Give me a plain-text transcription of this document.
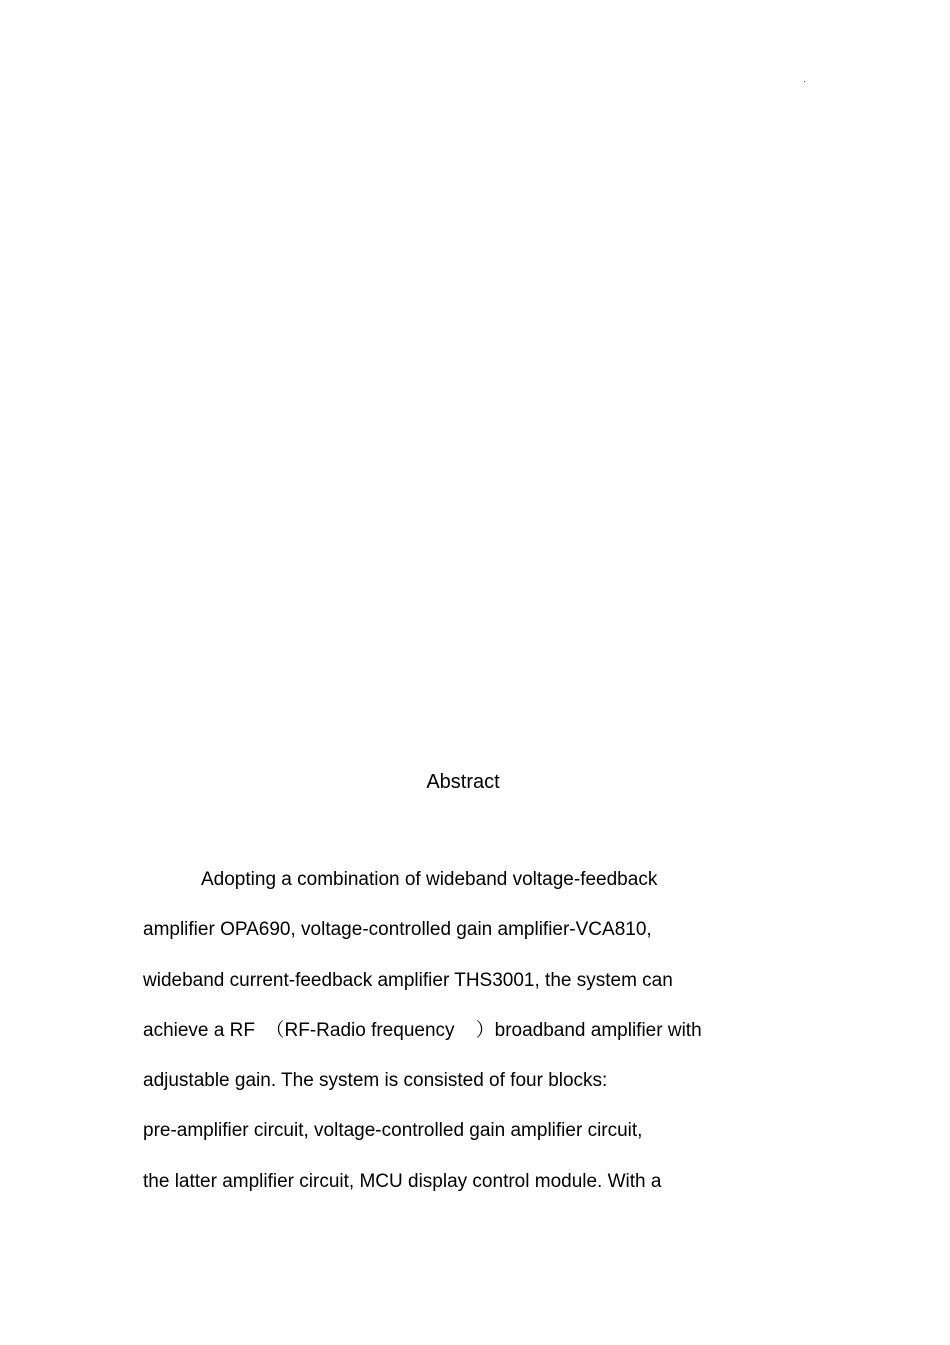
·
Abstract
Adopting a combination of wideband voltage-feedback
amplifier OPA690, voltage-controlled gain amplifier-VCA810,
wideband current-feedback amplifier THS3001, the system can
achieve a RF  （RF-Radio frequency    ）broadband amplifier with
adjustable gain. The system is consisted of four blocks:
pre-amplifier circuit, voltage-controlled gain amplifier circuit,
the latter amplifier circuit, MCU display control module. With a
